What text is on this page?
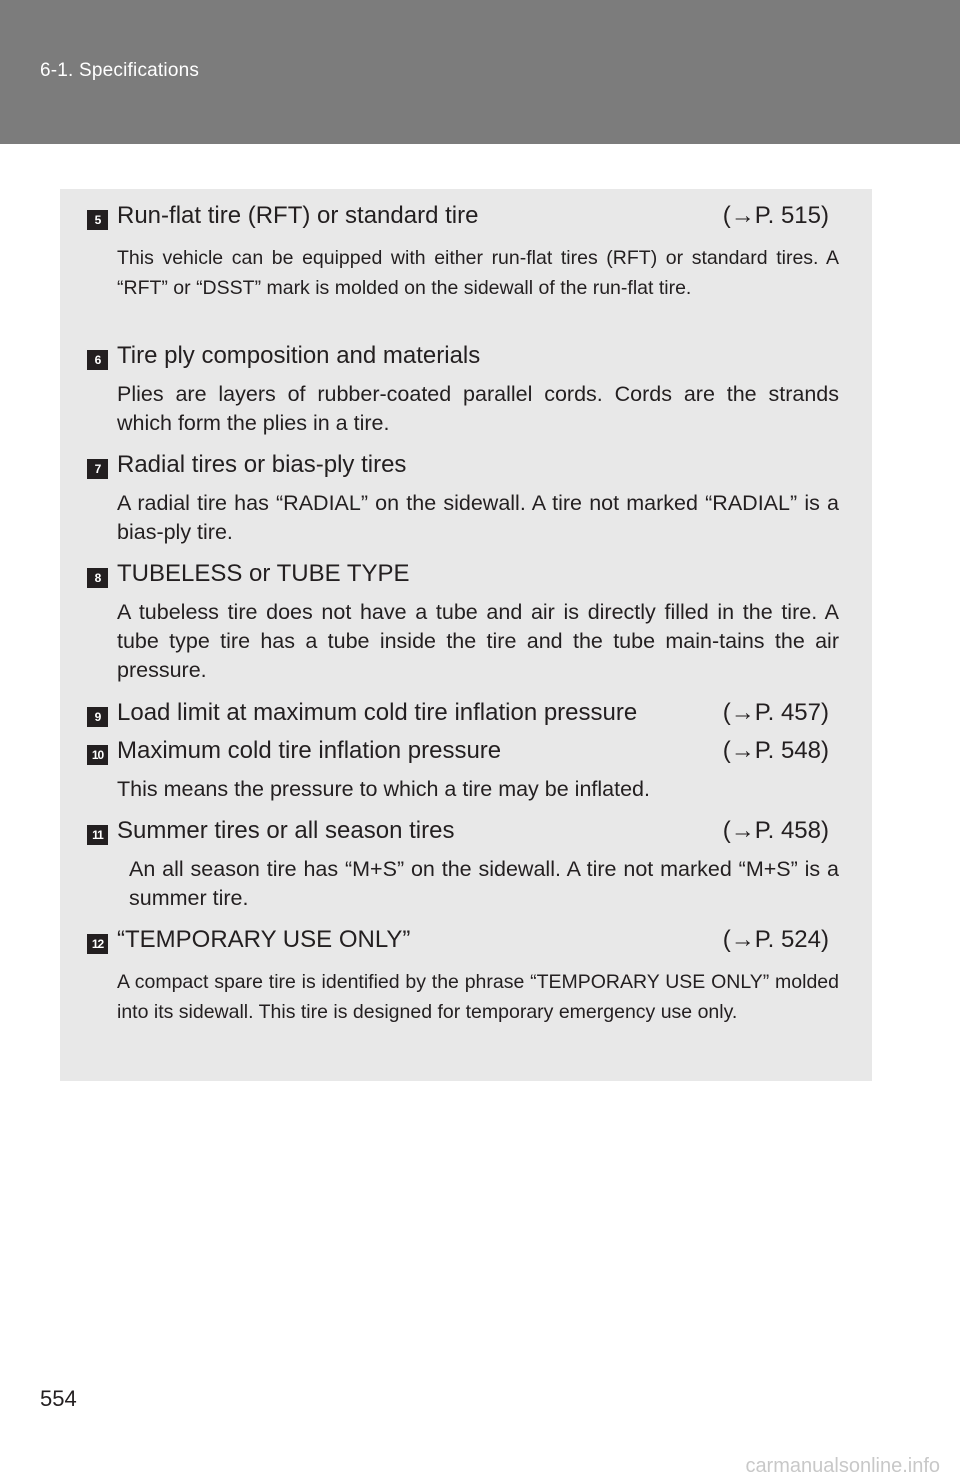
6-1. Specifications
5 Run-flat tire (RFT) or standard tire	(→P. 515)
This vehicle can be equipped with either run-flat tires (RFT) or standard tires. A “RFT” or “DSST” mark is molded on the sidewall of the run-flat tire.
6 Tire ply composition and materials
Plies are layers of rubber-coated parallel cords. Cords are the strands which form the plies in a tire.
7 Radial tires or bias-ply tires
A radial tire has “RADIAL” on the sidewall. A tire not marked “RADIAL” is a bias-ply tire.
8 TUBELESS or TUBE TYPE
A tubeless tire does not have a tube and air is directly filled in the tire. A tube type tire has a tube inside the tire and the tube main-tains the air pressure.
9 Load limit at maximum cold tire inflation pressure	(→P. 457)
10 Maximum cold tire inflation pressure	(→P. 548)
This means the pressure to which a tire may be inflated.
11 Summer tires or all season tires	(→P. 458)
An all season tire has “M+S” on the sidewall. A tire not marked “M+S” is a summer tire.
12 “TEMPORARY USE ONLY”	(→P. 524)
A compact spare tire is identified by the phrase “TEMPORARY USE ONLY” molded into its sidewall. This tire is designed for temporary emergency use only.
554
carmanualsonline.info
